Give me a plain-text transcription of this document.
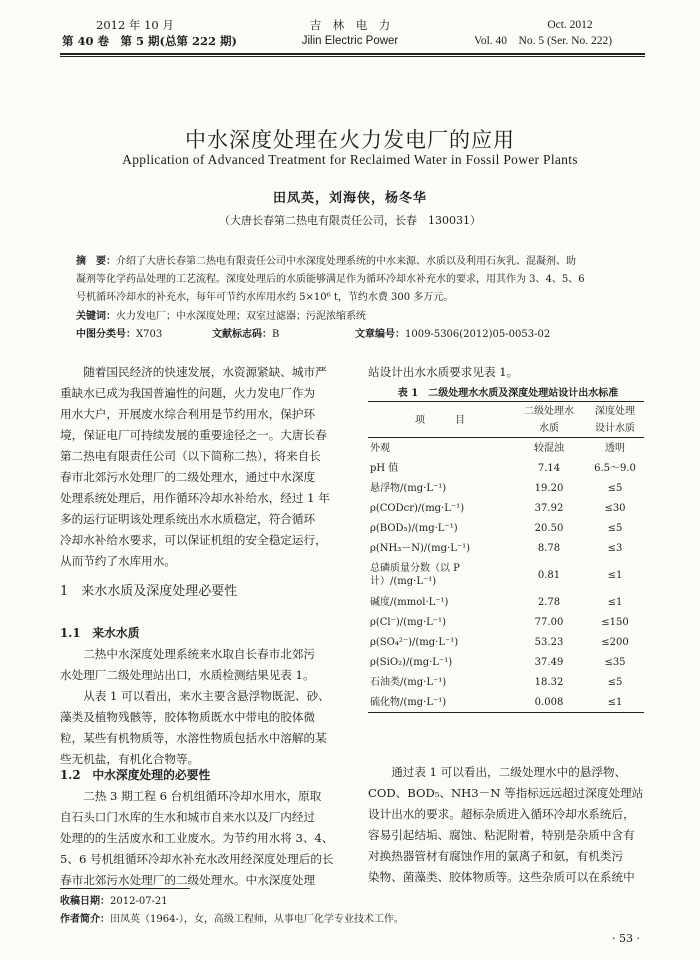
2012 年 10 月
第 40 卷　第 5 期(总第 222 期)
吉　林　电　力
Jilin Electric Power
Oct. 2012
Vol. 40　No. 5 (Ser. No. 222)
中水深度处理在火力发电厂的应用
Application of Advanced Treatment for Reclaimed Water in Fossil Power Plants
田凤英，刘海侠，杨冬华
（大唐长春第二热电有限责任公司，长春　130031）
摘　要：介绍了大唐长春第二热电有限责任公司中水深度处理系统的中水来源、水质以及利用石灰乳、混凝剂、助
凝剂等化学药品处理的工艺流程。深度处理后的水质能够满足作为循环冷却水补充水的要求，用其作为 3、4、5、6
号机循环冷却水的补充水，每年可节约水库用水约 5×10⁶ t，节约水费 300 多万元。
关键词：火力发电厂；中水深度处理；双室过滤器；污泥浓缩系统
中图分类号：X703	文献标志码：B	文章编号：1009-5306(2012)05-0053-02
随着国民经济的快速发展，水资源紧缺、城市严
重缺水已成为我国普遍性的问题，火力发电厂作为
用水大户，开展废水综合利用是节约用水，保护环
境，保证电厂可持续发展的重要途径之一。大唐长春
第二热电有限责任公司（以下简称二热），将来自长
春市北郊污水处理厂的二级处理水，通过中水深度
处理系统处理后，用作循环冷却水补给水，经过 1 年
多的运行证明该处理系统出水水质稳定，符合循环
冷却水补给水要求，可以保证机组的安全稳定运行，
从而节约了水库用水。
1　来水水质及深度处理必要性
1.1　来水水质
二热中水深度处理系统来水取自长春市北郊污
水处理厂二级处理站出口，水质检测结果见表 1。
从表 1 可以看出，来水主要含悬浮物既泥、砂、
藻类及植物残骸等，胶体物质既水中带电的胶体微
粒，某些有机物质等，水溶性物质包括水中溶解的某
些无机盐，有机化合物等。
1.2　中水深度处理的必要性
二热 3 期工程 6 台机组循环冷却水用水，原取
自石头口门水库的生水和城市自来水以及厂内经过
处理的的生活废水和工业废水。为节约用水将 3、4、
5、6 号机组循环冷却水补充水改用经深度处理后的长
春市北郊污水处理厂的二级处理水。中水深度处理
站设计出水水质要求见表 1。
表 1　二级处理水水质及深度处理站设计出水标准
项　　　目	二级处理水	深度处理
	水质	设计水质
外观	较混浊	透明
pH 值	7.14	6.5～9.0
悬浮物/(mg·L⁻¹)	19.20	≤5
ρ(CODcr)/(mg·L⁻¹)	37.92	≤30
ρ(BOD₅)/(mg·L⁻¹)	20.50	≤5
ρ(NH₃－N)/(mg·L⁻¹)	8.78	≤3
总磷质量分数（以 P 计）/(mg·L⁻¹)	0.81	≤1
碱度/(mmol·L⁻¹)	2.78	≤1
ρ(Cl⁻)/(mg·L⁻¹)	77.00	≤150
ρ(SO₄²⁻)/(mg·L⁻¹)	53.23	≤200
ρ(SiO₂)/(mg·L⁻¹)	37.49	≤35
石油类/(mg·L⁻¹)	18.32	≤5
硫化物/(mg·L⁻¹)	0.008	≤1
通过表 1 可以看出，二级处理水中的悬浮物、
COD、BOD₅、NH3－N 等指标远远超过深度处理站
设计出水的要求。超标杂质进入循环冷却水系统后，
容易引起结垢、腐蚀、粘泥附着，特别是杂质中含有
对换热器管材有腐蚀作用的氯离子和氨，有机类污
染物、菌藻类、胶体物质等。这些杂质可以在系统中
收稿日期：2012-07-21
作者简介：田凤英（1964-），女，高级工程师，从事电厂化学专业技术工作。
· 53 ·
